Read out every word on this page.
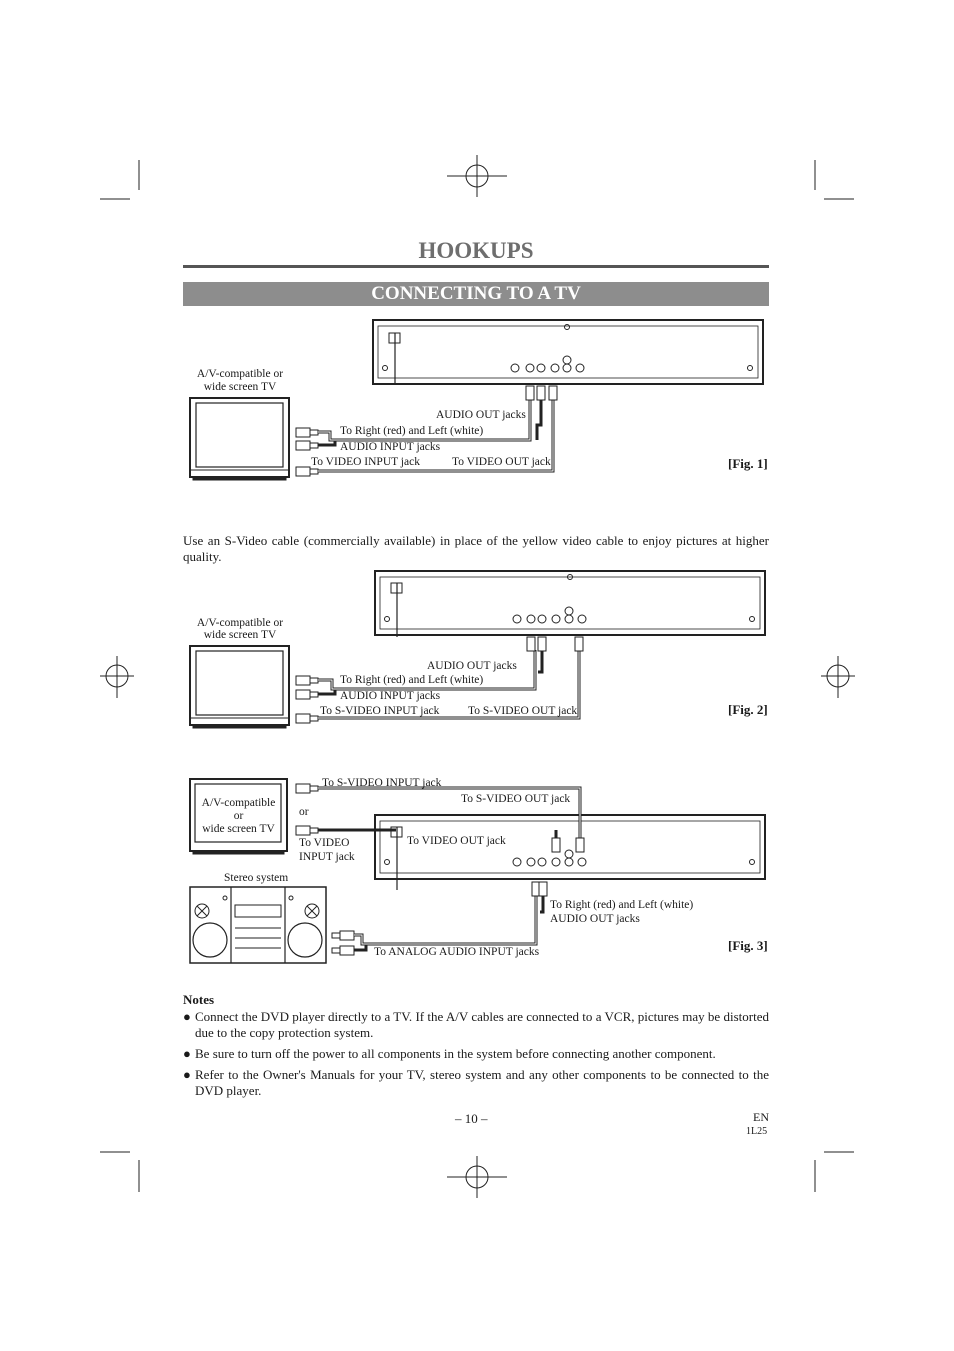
HOOKUPS
CONNECTING TO A TV
A/V-compatible or
wide screen TV
AUDIO OUT jacks
To Right (red) and Left (white)
AUDIO INPUT jacks
To VIDEO INPUT jack	To VIDEO OUT jack	[Fig. 1]
Use an S-Video cable (commercially available) in place of the yellow video cable to enjoy pictures at higher quality.
A/V-compatible or
wide screen TV
AUDIO OUT jacks
To Right (red) and Left (white)
AUDIO INPUT jacks
To S-VIDEO INPUT jack To S-VIDEO OUT jack	[Fig. 2]
A/V-compatible
or
wide screen TV
To S-VIDEO INPUT jack
To S-VIDEO OUT jack
or
To VIDEO
INPUT jack
To VIDEO OUT jack
Stereo system
To Right (red) and Left (white)
AUDIO OUT jacks
To ANALOG AUDIO INPUT jacks	[Fig. 3]
Notes
● Connect the DVD player directly to a TV. If the A/V cables are connected to a VCR, pictures may be distorted due to the copy protection system.
● Be sure to turn off the power to all components in the system before connecting another component.
● Refer to the Owner's Manuals for your TV, stereo system and any other components to be connected to the DVD player.
– 10 –	EN
1L25
